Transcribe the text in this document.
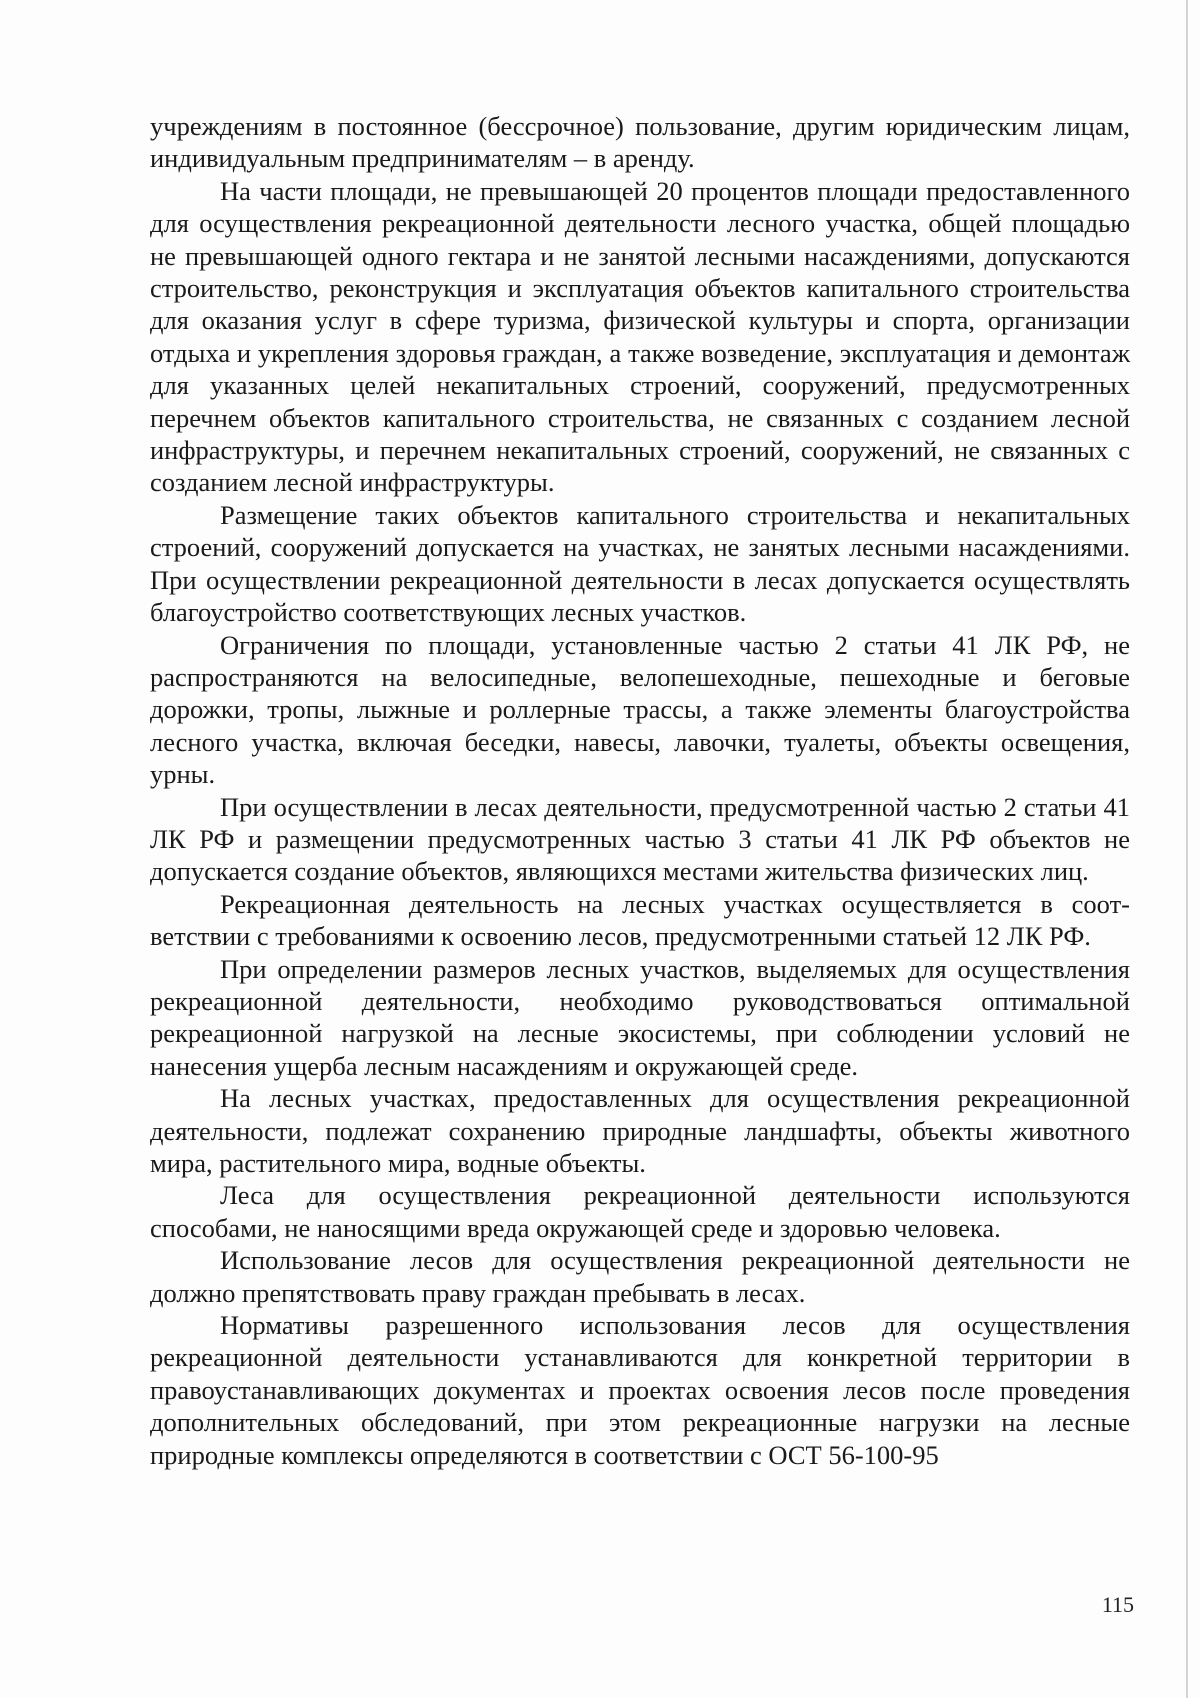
учреждениям в постоянное (бессрочное) пользование, другим юридическим лицам, индивидуальным предпринимателям – в аренду.

На части площади, не превышающей 20 процентов площади предоставленного для осуществления рекреационной деятельности лесного участка, общей площадью не превышающей одного гектара и не занятой лесными насаждениями, допускаются строительство, реконструкция и эксплуатация объектов капитального строительства для оказания услуг в сфере туризма, физической культуры и спорта, организации отдыха и укрепления здоровья граждан, а также возведение, эксплуатация и демонтаж для указанных целей некапитальных строений, сооружений, предусмотренных перечнем объектов капитального строительства, не связанных с созданием лесной инфраструктуры, и перечнем некапитальных строений, сооружений, не связанных с созданием лесной инфраструктуры.

Размещение таких объектов капитального строительства и некапитальных строений, сооружений допускается на участках, не занятых лесными насаждениями. При осуществлении рекреационной деятельности в лесах допускается осуществлять благоустройство соответствующих лесных участков.

Ограничения по площади, установленные частью 2 статьи 41 ЛК РФ, не распространяются на велосипедные, велопешеходные, пешеходные и беговые дорожки, тропы, лыжные и роллерные трассы, а также элементы благоустройства лесного участка, включая беседки, навесы, лавочки, туалеты, объекты освещения, урны.

При осуществлении в лесах деятельности, предусмотренной частью 2 статьи 41 ЛК РФ и размещении предусмотренных частью 3 статьи 41 ЛК РФ объектов не допускается создание объектов, являющихся местами жительства физических лиц.

Рекреационная деятельность на лесных участках осуществляется в соответствии с требованиями к освоению лесов, предусмотренными статьей 12 ЛК РФ.

При определении размеров лесных участков, выделяемых для осуществления рекреационной деятельности, необходимо руководствоваться оптимальной рекреационной нагрузкой на лесные экосистемы, при соблюдении условий не нанесения ущерба лесным насаждениям и окружающей среде.

На лесных участках, предоставленных для осуществления рекреационной деятельности, подлежат сохранению природные ландшафты, объекты животного мира, растительного мира, водные объекты.

Леса для осуществления рекреационной деятельности используются способами, не наносящими вреда окружающей среде и здоровью человека.

Использование лесов для осуществления рекреационной деятельности не должно препятствовать праву граждан пребывать в лесах.

Нормативы разрешенного использования лесов для осуществления рекреационной деятельности устанавливаются для конкретной территории в правоустанавливающих документах и проектах освоения лесов после проведения дополнительных обследований, при этом рекреационные нагрузки на лесные природные комплексы определяются в соответствии с ОСТ 56-100-95

115
